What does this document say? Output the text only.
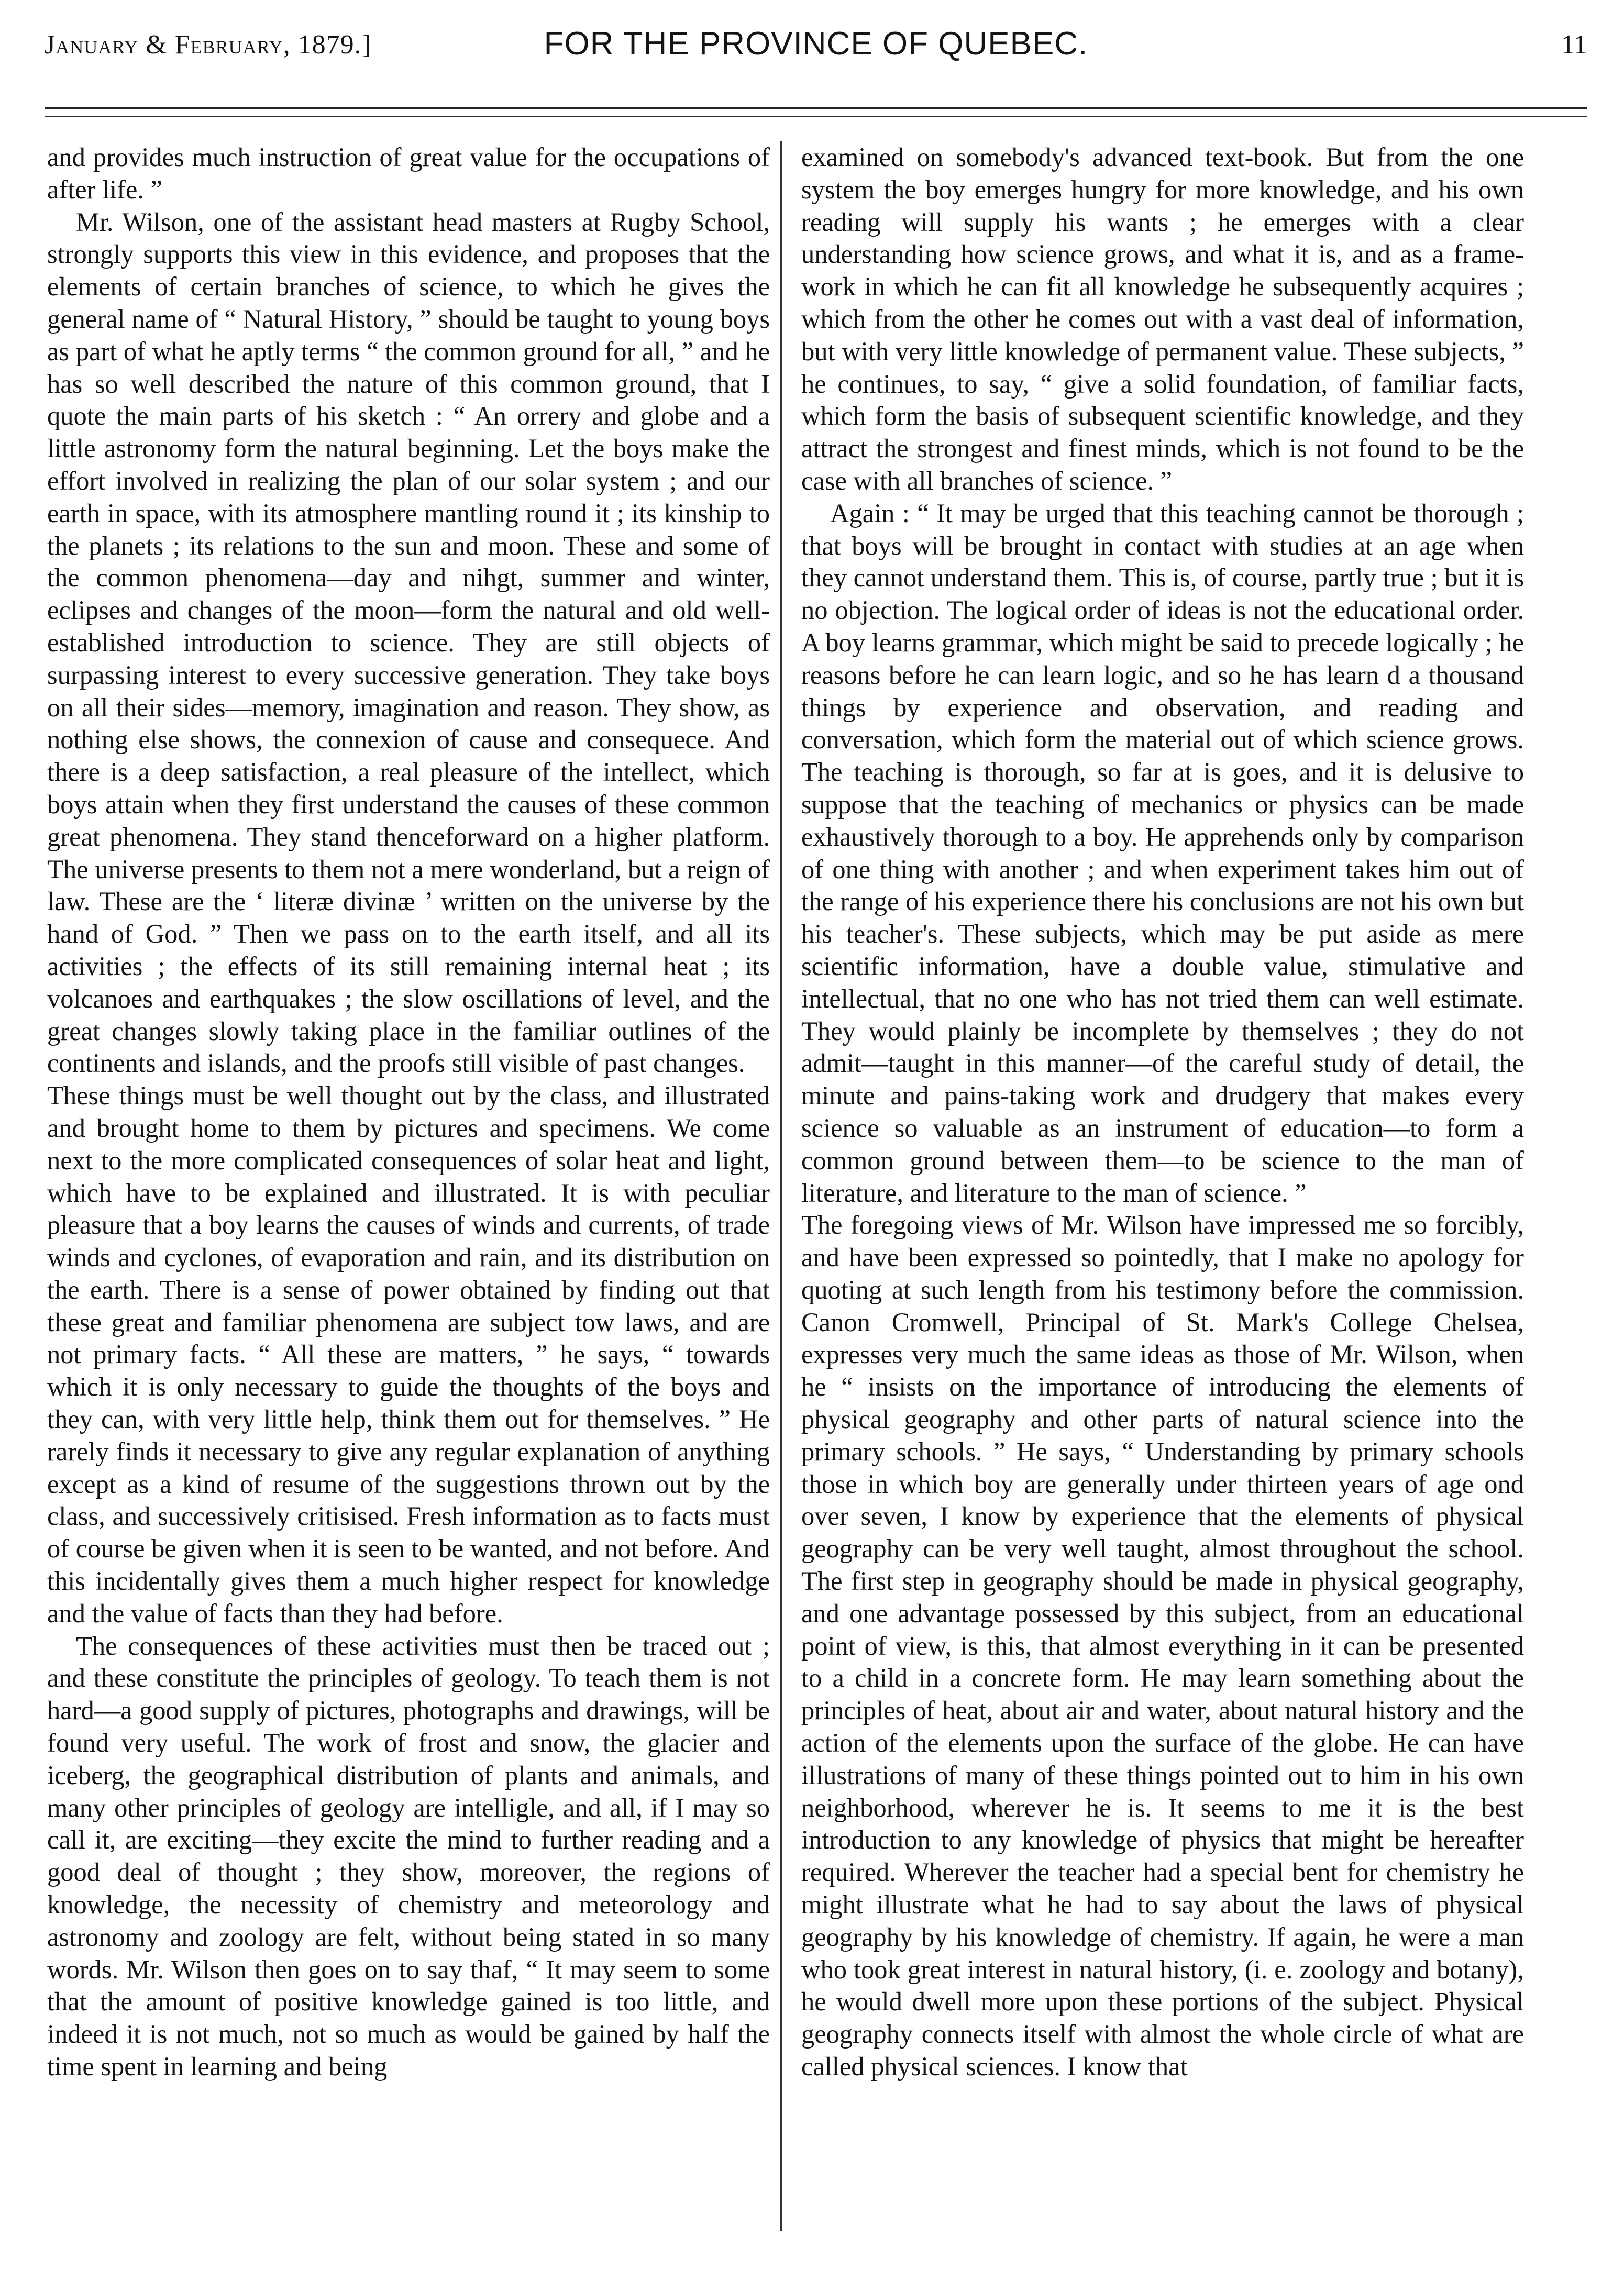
January & February, 1879.]	FOR THE PROVINCE OF QUEBEC.	11

and provides much instruction of great value for the occupations of after life. ”

Mr. Wilson, one of the assistant head masters at Rugby School, strongly supports this view in this evidence, and proposes that the elements of certain branches of science, to which he gives the general name of “ Natural History, ” should be taught to young boys as part of what he aptly terms “ the common ground for all, ” and he has so well described the nature of this common ground, that I quote the main parts of his sketch : “ An orrery and globe and a little astronomy form the natural beginning. Let the boys make the effort involved in realizing the plan of our solar system ; and our earth in space, with its atmosphere mantling round it ; its kinship to the planets ; its relations to the sun and moon. These and some of the common phenomena—day and nihgt, summer and winter, eclipses and changes of the moon—form the natural and old well-established introduction to science. They are still objects of surpassing interest to every successive generation. They take boys on all their sides—memory, imagination and reason. They show, as nothing else shows, the connexion of cause and consequece. And there is a deep satisfaction, a real pleasure of the intellect, which boys attain when they first understand the causes of these common great phenomena. They stand thenceforward on a higher platform. The universe presents to them not a mere wonderland, but a reign of law. These are the ‘ literæ divinæ ’ written on the universe by the hand of God. ” Then we pass on to the earth itself, and all its activities ; the effects of its still remaining internal heat ; its volcanoes and earthquakes ; the slow oscillations of level, and the great changes slowly taking place in the familiar outlines of the continents and islands, and the proofs still visible of past changes.

These things must be well thought out by the class, and illustrated and brought home to them by pictures and specimens. We come next to the more complicated consequences of solar heat and light, which have to be explained and illustrated. It is with peculiar pleasure that a boy learns the causes of winds and currents, of trade winds and cyclones, of evaporation and rain, and its distribution on the earth. There is a sense of power obtained by finding out that these great and familiar phenomena are subject tow laws, and are not primary facts. “ All these are matters, ” he says, “ towards which it is only necessary to guide the thoughts of the boys and they can, with very little help, think them out for themselves. ” He rarely finds it necessary to give any regular explanation of anything except as a kind of resume of the suggestions thrown out by the class, and successively critisised. Fresh information as to facts must of course be given when it is seen to be wanted, and not before. And this incidentally gives them a much higher respect for knowledge and the value of facts than they had before.

The consequences of these activities must then be traced out ; and these constitute the principles of geology. To teach them is not hard—a good supply of pictures, photographs and drawings, will be found very useful. The work of frost and snow, the glacier and iceberg, the geographical distribution of plants and animals, and many other principles of geology are intelligle, and all, if I may so call it, are exciting—they excite the mind to further reading and a good deal of thought ; they show, moreover, the regions of knowledge, the necessity of chemistry and meteorology and astronomy and zoology are felt, without being stated in so many words. Mr. Wilson then goes on to say thaf, “ It may seem to some that the amount of positive knowledge gained is too little, and indeed it is not much, not so much as would be gained by half the time spent in learning and being

examined on somebody's advanced text-book. But from the one system the boy emerges hungry for more knowledge, and his own reading will supply his wants ; he emerges with a clear understanding how science grows, and what it is, and as a frame-work in which he can fit all knowledge he subsequently acquires ; which from the other he comes out with a vast deal of information, but with very little knowledge of permanent value. These subjects, ” he continues, to say, “ give a solid foundation, of familiar facts, which form the basis of subsequent scientific knowledge, and they attract the strongest and finest minds, which is not found to be the case with all branches of science. ”

Again : “ It may be urged that this teaching cannot be thorough ; that boys will be brought in contact with studies at an age when they cannot understand them. This is, of course, partly true ; but it is no objection. The logical order of ideas is not the educational order. A boy learns grammar, which might be said to precede logically ; he reasons before he can learn logic, and so he has learn d a thousand things by experience and observation, and reading and conversation, which form the material out of which science grows. The teaching is thorough, so far at is goes, and it is delusive to suppose that the teaching of mechanics or physics can be made exhaustively thorough to a boy. He apprehends only by comparison of one thing with another ; and when experiment takes him out of the range of his experience there his conclusions are not his own but his teacher's. These subjects, which may be put aside as mere scientific information, have a double value, stimulative and intellectual, that no one who has not tried them can well estimate. They would plainly be incomplete by themselves ; they do not admit—taught in this manner—of the careful study of detail, the minute and pains-taking work and drudgery that makes every science so valuable as an instrument of education—to form a common ground between them—to be science to the man of literature, and literature to the man of science. ”

The foregoing views of Mr. Wilson have impressed me so forcibly, and have been expressed so pointedly, that I make no apology for quoting at such length from his testimony before the commission. Canon Cromwell, Principal of St. Mark's College Chelsea, expresses very much the same ideas as those of Mr. Wilson, when he “ insists on the importance of introducing the elements of physical geography and other parts of natural science into the primary schools. ” He says, “ Understanding by primary schools those in which boy are generally under thirteen years of age ond over seven, I know by experience that the elements of physical geography can be very well taught, almost throughout the school. The first step in geography should be made in physical geography, and one advantage possessed by this subject, from an educational point of view, is this, that almost everything in it can be presented to a child in a concrete form. He may learn something about the principles of heat, about air and water, about natural history and the action of the elements upon the surface of the globe. He can have illustrations of many of these things pointed out to him in his own neighborhood, wherever he is. It seems to me it is the best introduction to any knowledge of physics that might be hereafter required. Wherever the teacher had a special bent for chemistry he might illustrate what he had to say about the laws of physical geography by his knowledge of chemistry. If again, he were a man who took great interest in natural history, (i. e. zoology and botany), he would dwell more upon these portions of the subject. Physical geography connects itself with almost the whole circle of what are called physical sciences. I know that
